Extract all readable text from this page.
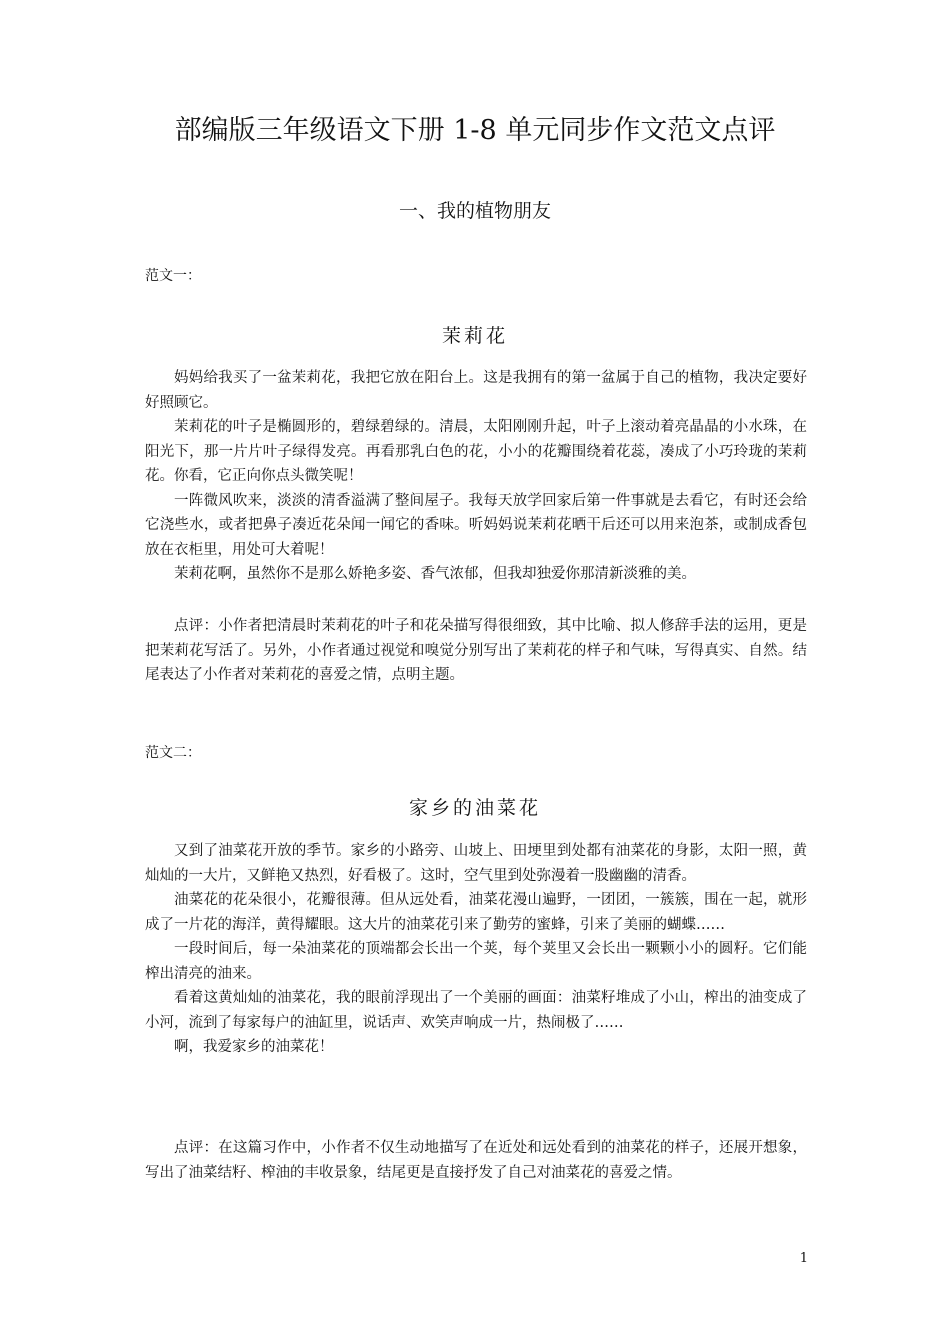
部编版三年级语文下册 1-8 单元同步作文范文点评
一、我的植物朋友
范文一：
茉莉花

妈妈给我买了一盆茉莉花，我把它放在阳台上。这是我拥有的第一盆属于自己的植物，我决定要好好照顾它。

茉莉花的叶子是椭圆形的，碧绿碧绿的。清晨，太阳刚刚升起，叶子上滚动着亮晶晶的小水珠，在阳光下，那一片片叶子绿得发亮。再看那乳白色的花，小小的花瓣围绕着花蕊，凑成了小巧玲珑的茉莉花。你看，它正向你点头微笑呢！

一阵微风吹来，淡淡的清香溢满了整间屋子。我每天放学回家后第一件事就是去看它，有时还会给它浇些水，或者把鼻子凑近花朵闻一闻它的香味。听妈妈说茉莉花晒干后还可以用来泡茶，或制成香包放在衣柜里，用处可大着呢！

茉莉花啊，虽然你不是那么娇艳多姿、香气浓郁，但我却独爱你那清新淡雅的美。

点评：小作者把清晨时茉莉花的叶子和花朵描写得很细致，其中比喻、拟人修辞手法的运用，更是把茉莉花写活了。另外，小作者通过视觉和嗅觉分别写出了茉莉花的样子和气味，写得真实、自然。结尾表达了小作者对茉莉花的喜爱之情，点明主题。

范文二：
家乡的油菜花

又到了油菜花开放的季节。家乡的小路旁、山坡上、田埂里到处都有油菜花的身影，太阳一照，黄灿灿的一大片，又鲜艳又热烈，好看极了。这时，空气里到处弥漫着一股幽幽的清香。

油菜花的花朵很小，花瓣很薄。但从远处看，油菜花漫山遍野，一团团，一簇簇，围在一起，就形成了一片花的海洋，黄得耀眼。这大片的油菜花引来了勤劳的蜜蜂，引来了美丽的蝴蝶……

一段时间后，每一朵油菜花的顶端都会长出一个荚，每个荚里又会长出一颗颗小小的圆籽。它们能榨出清亮的油来。

看着这黄灿灿的油菜花，我的眼前浮现出了一个美丽的画面：油菜籽堆成了小山，榨出的油变成了小河，流到了每家每户的油缸里，说话声、欢笑声响成一片，热闹极了……

啊，我爱家乡的油菜花！

点评：在这篇习作中，小作者不仅生动地描写了在近处和远处看到的油菜花的样子，还展开想象，写出了油菜结籽、榨油的丰收景象，结尾更是直接抒发了自己对油菜花的喜爱之情。

1
